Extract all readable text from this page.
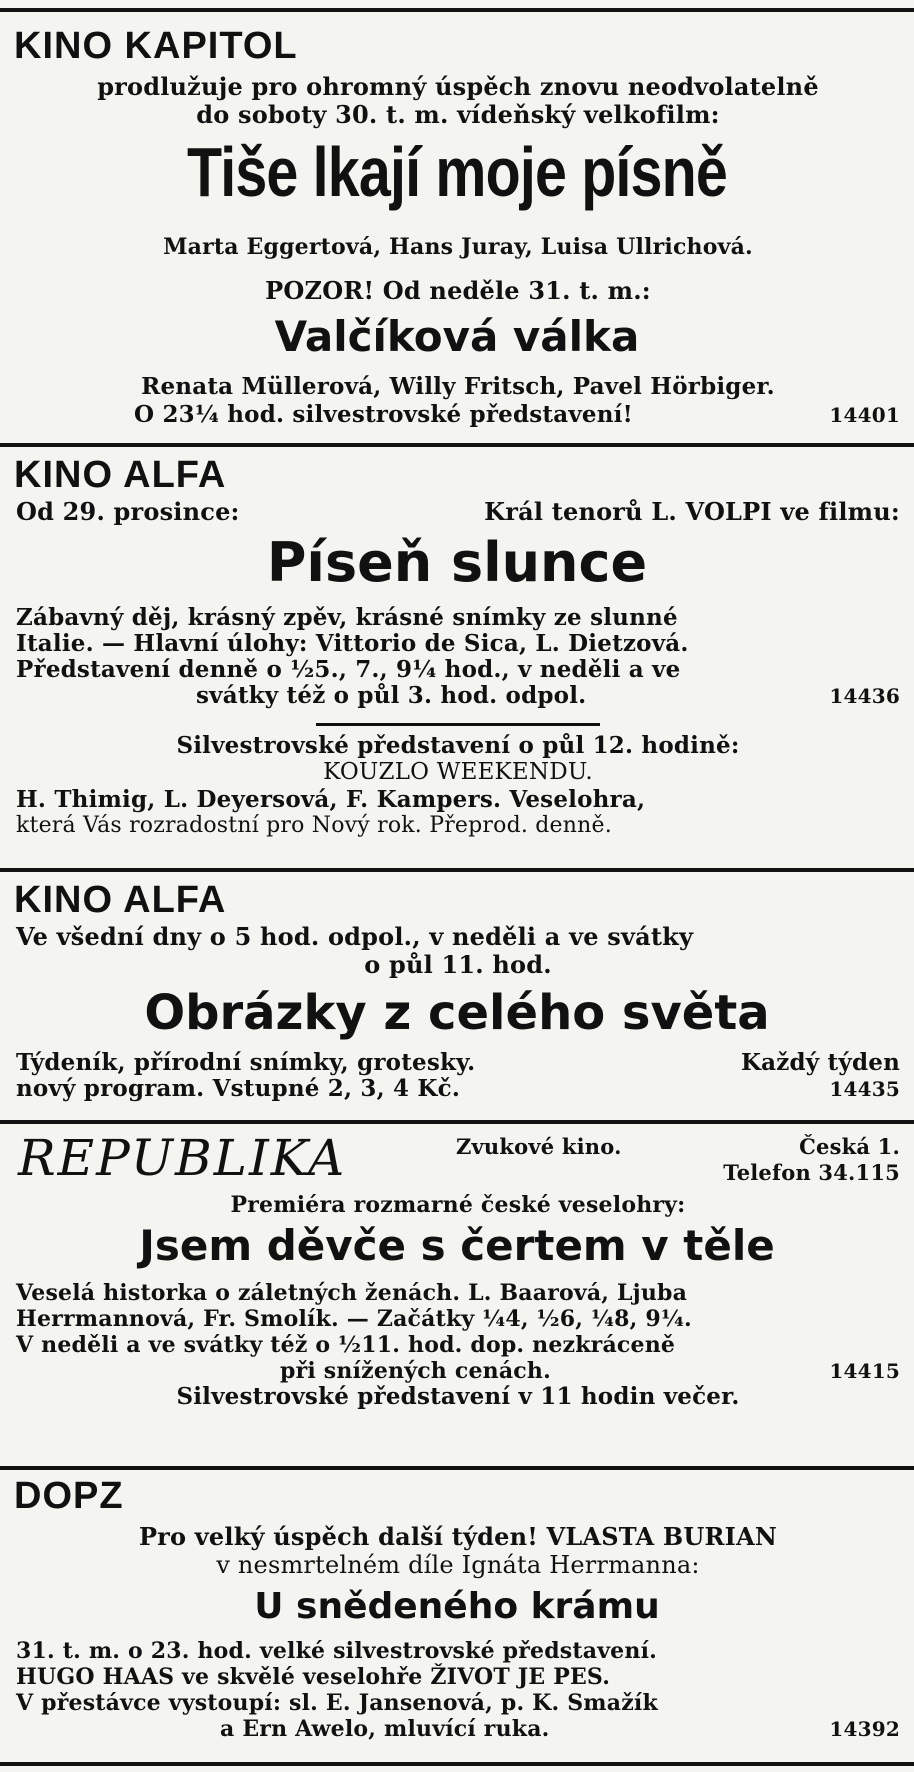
KINO KAPITOL
prodlužuje pro ohromný úspěch znovu neodvolatelně
do soboty 30. t. m. vídeňský velkofilm:
Tiše lkají moje písně
Marta Eggertová, Hans Juray, Luisa Ullrichová.
POZOR! Od neděle 31. t. m.:
Valčíková válka
Renata Müllerová, Willy Fritsch, Pavel Hörbiger.
O 23¼ hod. silvestrovské představení!	14401
KINO ALFA
Od 29. prosince:	Král tenorů L. VOLPI ve filmu:
Píseň slunce
Zábavný děj, krásný zpěv, krásné snímky ze slunné
Italie. — Hlavní úlohy: Vittorio de Sica, L. Dietzová.
Představení denně o ½5., 7., 9¼ hod., v neděli a ve
svátky též o půl 3. hod. odpol.	14436
Silvestrovské představení o půl 12. hodině:
KOUZLO WEEKENDU.
H. Thimig, L. Deyersová, F. Kampers. Veselohra,
která Vás rozradostní pro Nový rok. Přeprod. denně.
KINO ALFA
Ve všední dny o 5 hod. odpol., v neděli a ve svátky
o půl 11. hod.
Obrázky z celého světa
Týdeník, přírodní snímky, grotesky.	Každý týden
nový program. Vstupné 2, 3, 4 Kč.	14435
REPUBLIKA	Zvukové kino.	Česká 1.
Telefon 34.115
Premiéra rozmarné české veselohry:
Jsem děvče s čertem v těle
Veselá historka o záletných ženách. L. Baarová, Ljuba
Herrmannová, Fr. Smolík. — Začátky ¼4, ½6, ¼8, 9¼.
V neděli a ve svátky též o ½11. hod. dop. nezkráceně
při snížených cenách.	14415
Silvestrovské představení v 11 hodin večer.
DOPZ
Pro velký úspěch další týden! VLASTA BURIAN
v nesmrtelném díle Ignáta Herrmanna:
U snědeného krámu
31. t. m. o 23. hod. velké silvestrovské představení.
HUGO HAAS ve skvělé veselohře ŽIVOT JE PES.
V přestávce vystoupí: sl. E. Jansenová, p. K. Smažík
a Ern Awelo, mluvící ruka.	14392
